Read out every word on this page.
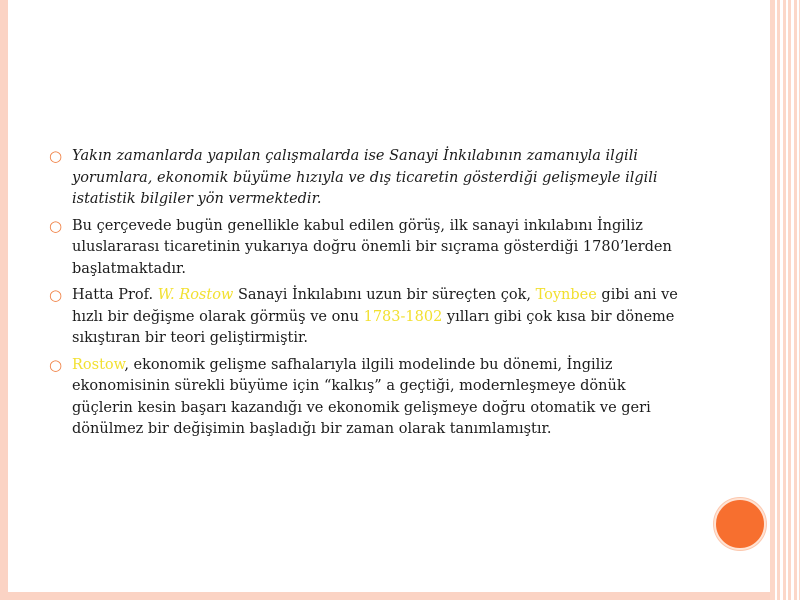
○ Yakın zamanlarda yapılan çalışmalarda ise Sanayi İnkılabının zamanıyla ilgili yorumlara, ekonomik büyüme hızıyla ve dış ticaretin gösterdiği gelişmeyle ilgili istatistik bilgiler yön vermektedir.
○ Bu çerçevede bugün genellikle kabul edilen görüş, ilk sanayi inkılabını İngiliz uluslararası ticaretinin yukarıya doğru önemli bir sıçrama gösterdiği 1780’lerden başlatmaktadır.
○ Hatta Prof. W. Rostow Sanayi İnkılabını uzun bir süreçten çok, Toynbee gibi ani ve hızlı bir değişme olarak görmüş ve onu 1783-1802 yılları gibi çok kısa bir döneme sıkıştıran bir teori geliştirmiştir.
○ Rostow, ekonomik gelişme safhalarıyla ilgili modelinde bu dönemi, İngiliz ekonomisinin sürekli büyüme için “kalkış” a geçtiği, modernleşmeye dönük güçlerin kesin başarı kazandığı ve ekonomik gelişmeye doğru otomatik ve geri dönülmez bir değişimin başladığı bir zaman olarak tanımlamıştır.
